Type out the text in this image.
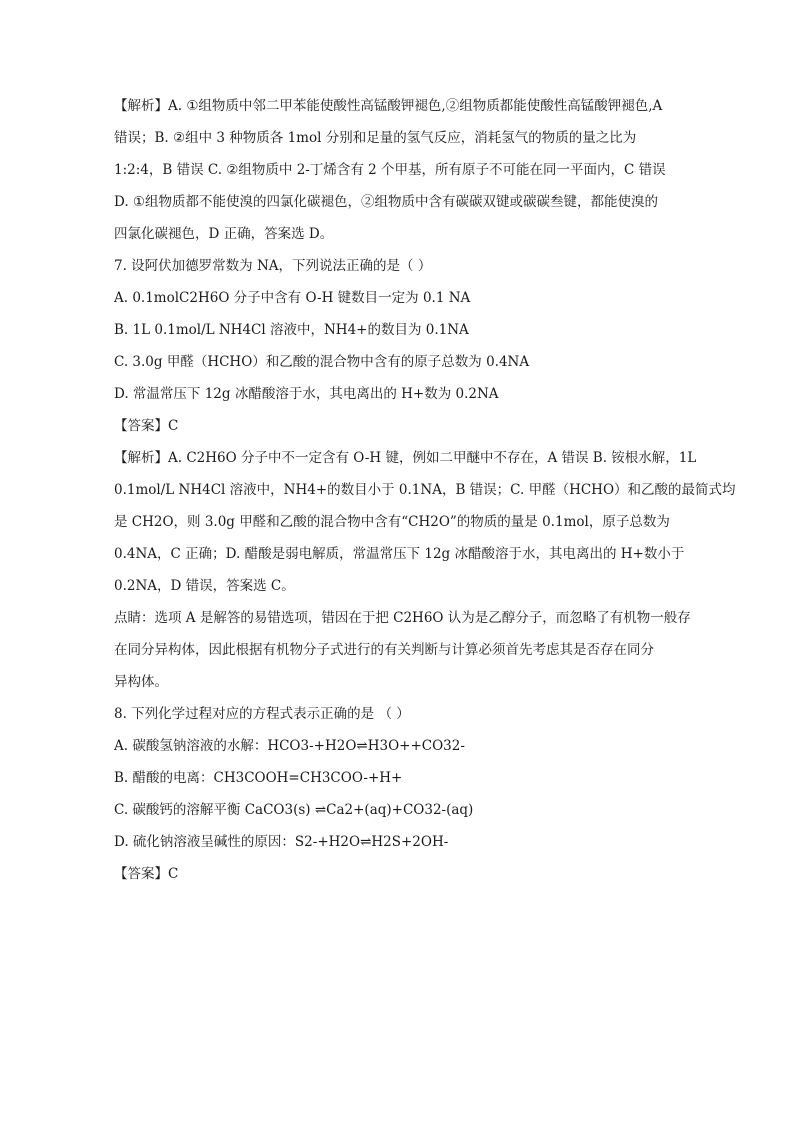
【解析】A. ①组物质中邻二甲苯能使酸性高锰酸钾褪色,②组物质都能使酸性高锰酸钾褪色,A
错误；B. ②组中 3 种物质各 1mol 分别和足量的氢气反应，消耗氢气的物质的量之比为
1:2:4，B 错误 C. ②组物质中 2-丁烯含有 2 个甲基，所有原子不可能在同一平面内，C 错误
D. ①组物质都不能使溴的四氯化碳褪色，②组物质中含有碳碳双键或碳碳叁键，都能使溴的
四氯化碳褪色，D 正确，答案选 D。
7. 设阿伏加德罗常数为 NA，下列说法正确的是（ ）
A. 0.1molC2H6O 分子中含有 O-H 键数目一定为 0.1 NA
B. 1L 0.1mol/L NH4Cl 溶液中，NH4+的数目为 0.1NA
C. 3.0g 甲醛（HCHO）和乙酸的混合物中含有的原子总数为 0.4NA
D. 常温常压下 12g 冰醋酸溶于水，其电离出的 H+数为 0.2NA
【答案】C
【解析】A. C2H6O 分子中不一定含有 O-H 键，例如二甲醚中不存在，A 错误 B. 铵根水解，1L
0.1mol/L NH4Cl 溶液中，NH4+的数目小于 0.1NA，B 错误；C. 甲醛（HCHO）和乙酸的最简式均
是 CH2O，则 3.0g 甲醛和乙酸的混合物中含有“CH2O”的物质的量是 0.1mol，原子总数为
0.4NA，C 正确；D. 醋酸是弱电解质，常温常压下 12g 冰醋酸溶于水，其电离出的 H+数小于
0.2NA，D 错误，答案选 C。
点睛：选项 A 是解答的易错选项，错因在于把 C2H6O 认为是乙醇分子，而忽略了有机物一般存
在同分异构体，因此根据有机物分子式进行的有关判断与计算必须首先考虑其是否存在同分
异构体。
8. 下列化学过程对应的方程式表示正确的是 （ ）
A. 碳酸氢钠溶液的水解：HCO3-+H2O⇌H3O++CO32-
B. 醋酸的电离：CH3COOH=CH3COO-+H+
C. 碳酸钙的溶解平衡 CaCO3(s) ⇌Ca2+(aq)+CO32-(aq)
D. 硫化钠溶液呈碱性的原因：S2-+H2O⇌H2S+2OH-
【答案】C
